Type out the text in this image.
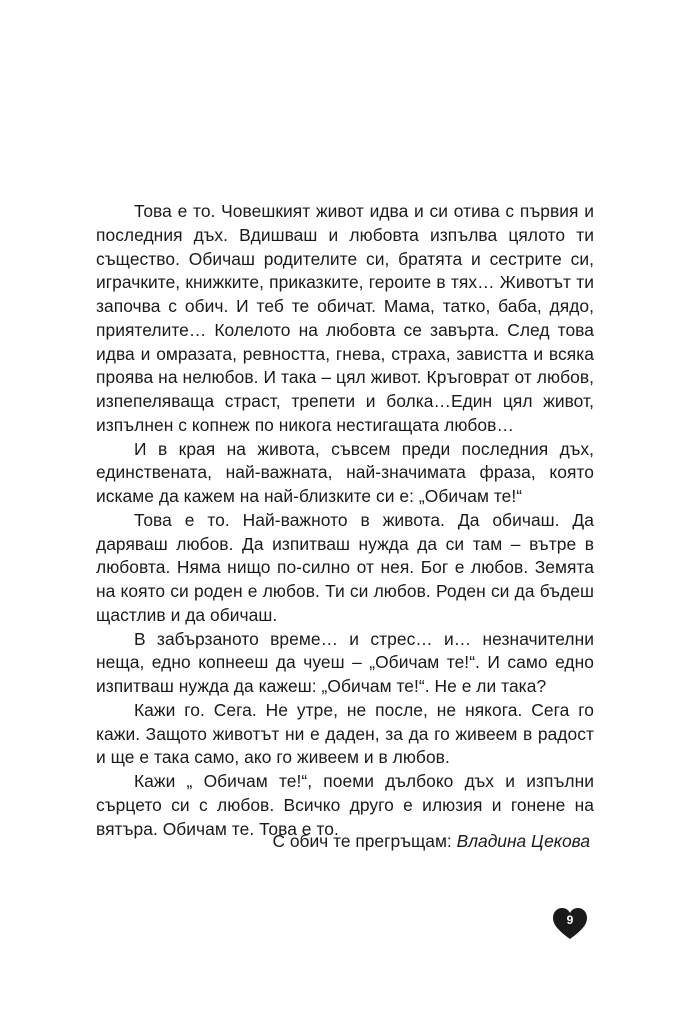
Това е то. Човешкият живот идва и си отива с първия и последния дъх. Вдишваш и любовта изпълва цялото ти същество. Обичаш родителите си, братята и сестрите си, играчките, книжките, приказките, героите в тях… Животът ти започва с обич. И теб те обичат. Мама, татко, баба, дядо, приятелите… Колелото на любовта се завърта. След това идва и омразата, ревността, гнева, страха, завистта и всяка проява на нелюбов. И така – цял живот. Кръговрат от любов, изпепеляваща страст, трепети и болка…Един цял живот, изпълнен с копнеж по никога нестигащата любов…

И в края на живота, съвсем преди последния дъх, единствената, най-важната, най-значимата фраза, която искаме да кажем на най-близките си е: „Обичам те!“

Това е то. Най-важното в живота. Да обичаш. Да даряваш любов. Да изпитваш нужда да си там – вътре в любовта. Няма нищо по-силно от нея. Бог е любов. Земята на която си роден е любов. Ти си любов. Роден си да бъдеш щастлив и да обичаш.

В забързаното време… и стрес… и… незначителни неща, едно копнееш да чуеш – „Обичам те!“. И само едно изпитваш нужда да кажеш: „Обичам те!“. Не е ли така?

Кажи го. Сега. Не утре, не после, не някога. Сега го кажи. Защото животът ни е даден, за да го живеем в радост и ще е така само, ако го живеем и в любов.

Кажи „ Обичам те!“, поеми дълбоко дъх и изпълни сърцето си с любов. Всичко друго е илюзия и гонене на вятъра. Обичам те. Това е то.

С обич те прегръщам: Владина Цекова
9
